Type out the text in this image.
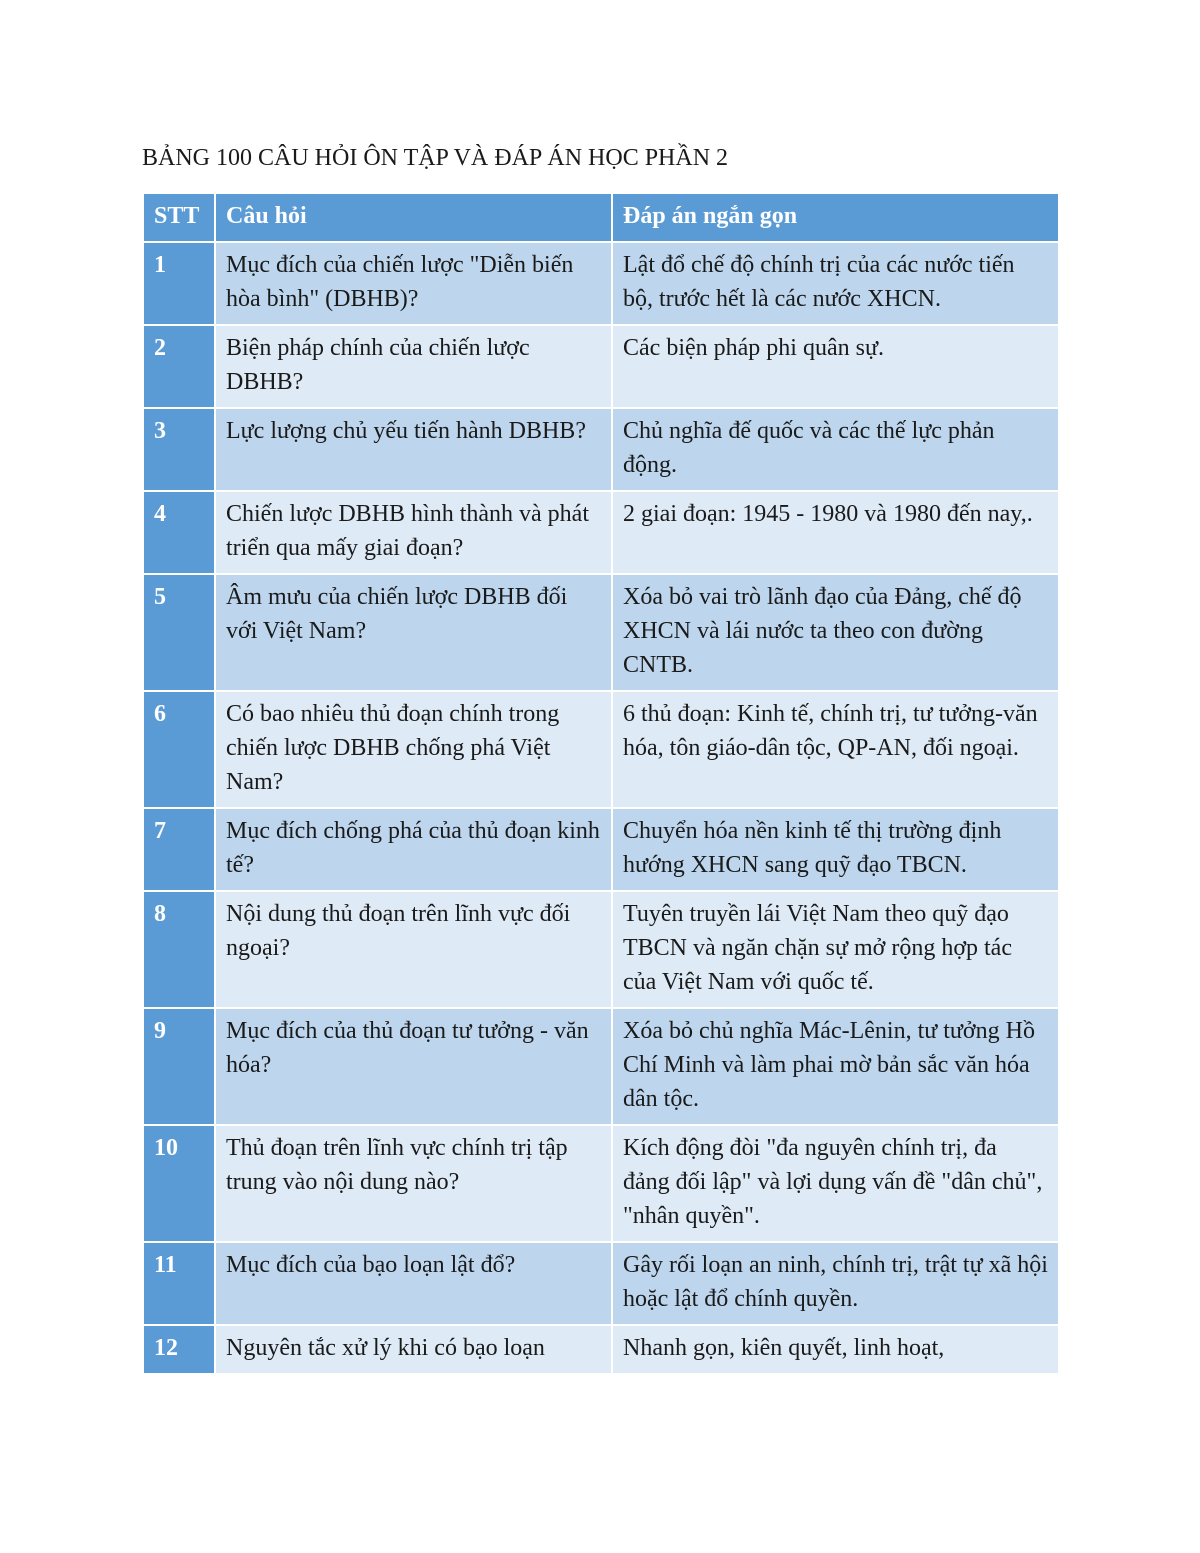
BẢNG 100 CÂU HỎI ÔN TẬP VÀ ĐÁP ÁN HỌC PHẦN 2
STT	Câu hỏi	Đáp án ngắn gọn
1	Mục đích của chiến lược "Diễn biến hòa bình" (DBHB)?	Lật đổ chế độ chính trị của các nước tiến bộ, trước hết là các nước XHCN.
2	Biện pháp chính của chiến lược DBHB?	Các biện pháp phi quân sự.
3	Lực lượng chủ yếu tiến hành DBHB?	Chủ nghĩa đế quốc và các thế lực phản động.
4	Chiến lược DBHB hình thành và phát triển qua mấy giai đoạn?	2 giai đoạn: 1945 - 1980 và 1980 đến nay,.
5	Âm mưu của chiến lược DBHB đối với Việt Nam?	Xóa bỏ vai trò lãnh đạo của Đảng, chế độ XHCN và lái nước ta theo con đường CNTB.
6	Có bao nhiêu thủ đoạn chính trong chiến lược DBHB chống phá Việt Nam?	6 thủ đoạn: Kinh tế, chính trị, tư tưởng-văn hóa, tôn giáo-dân tộc, QP-AN, đối ngoại.
7	Mục đích chống phá của thủ đoạn kinh tế?	Chuyển hóa nền kinh tế thị trường định hướng XHCN sang quỹ đạo TBCN.
8	Nội dung thủ đoạn trên lĩnh vực đối ngoại?	Tuyên truyền lái Việt Nam theo quỹ đạo TBCN và ngăn chặn sự mở rộng hợp tác của Việt Nam với quốc tế.
9	Mục đích của thủ đoạn tư tưởng - văn hóa?	Xóa bỏ chủ nghĩa Mác-Lênin, tư tưởng Hồ Chí Minh và làm phai mờ bản sắc văn hóa dân tộc.
10	Thủ đoạn trên lĩnh vực chính trị tập trung vào nội dung nào?	Kích động đòi "đa nguyên chính trị, đa đảng đối lập" và lợi dụng vấn đề "dân chủ", "nhân quyền".
11	Mục đích của bạo loạn lật đổ?	Gây rối loạn an ninh, chính trị, trật tự xã hội hoặc lật đổ chính quyền.
12	Nguyên tắc xử lý khi có bạo loạn	Nhanh gọn, kiên quyết, linh hoạt,
